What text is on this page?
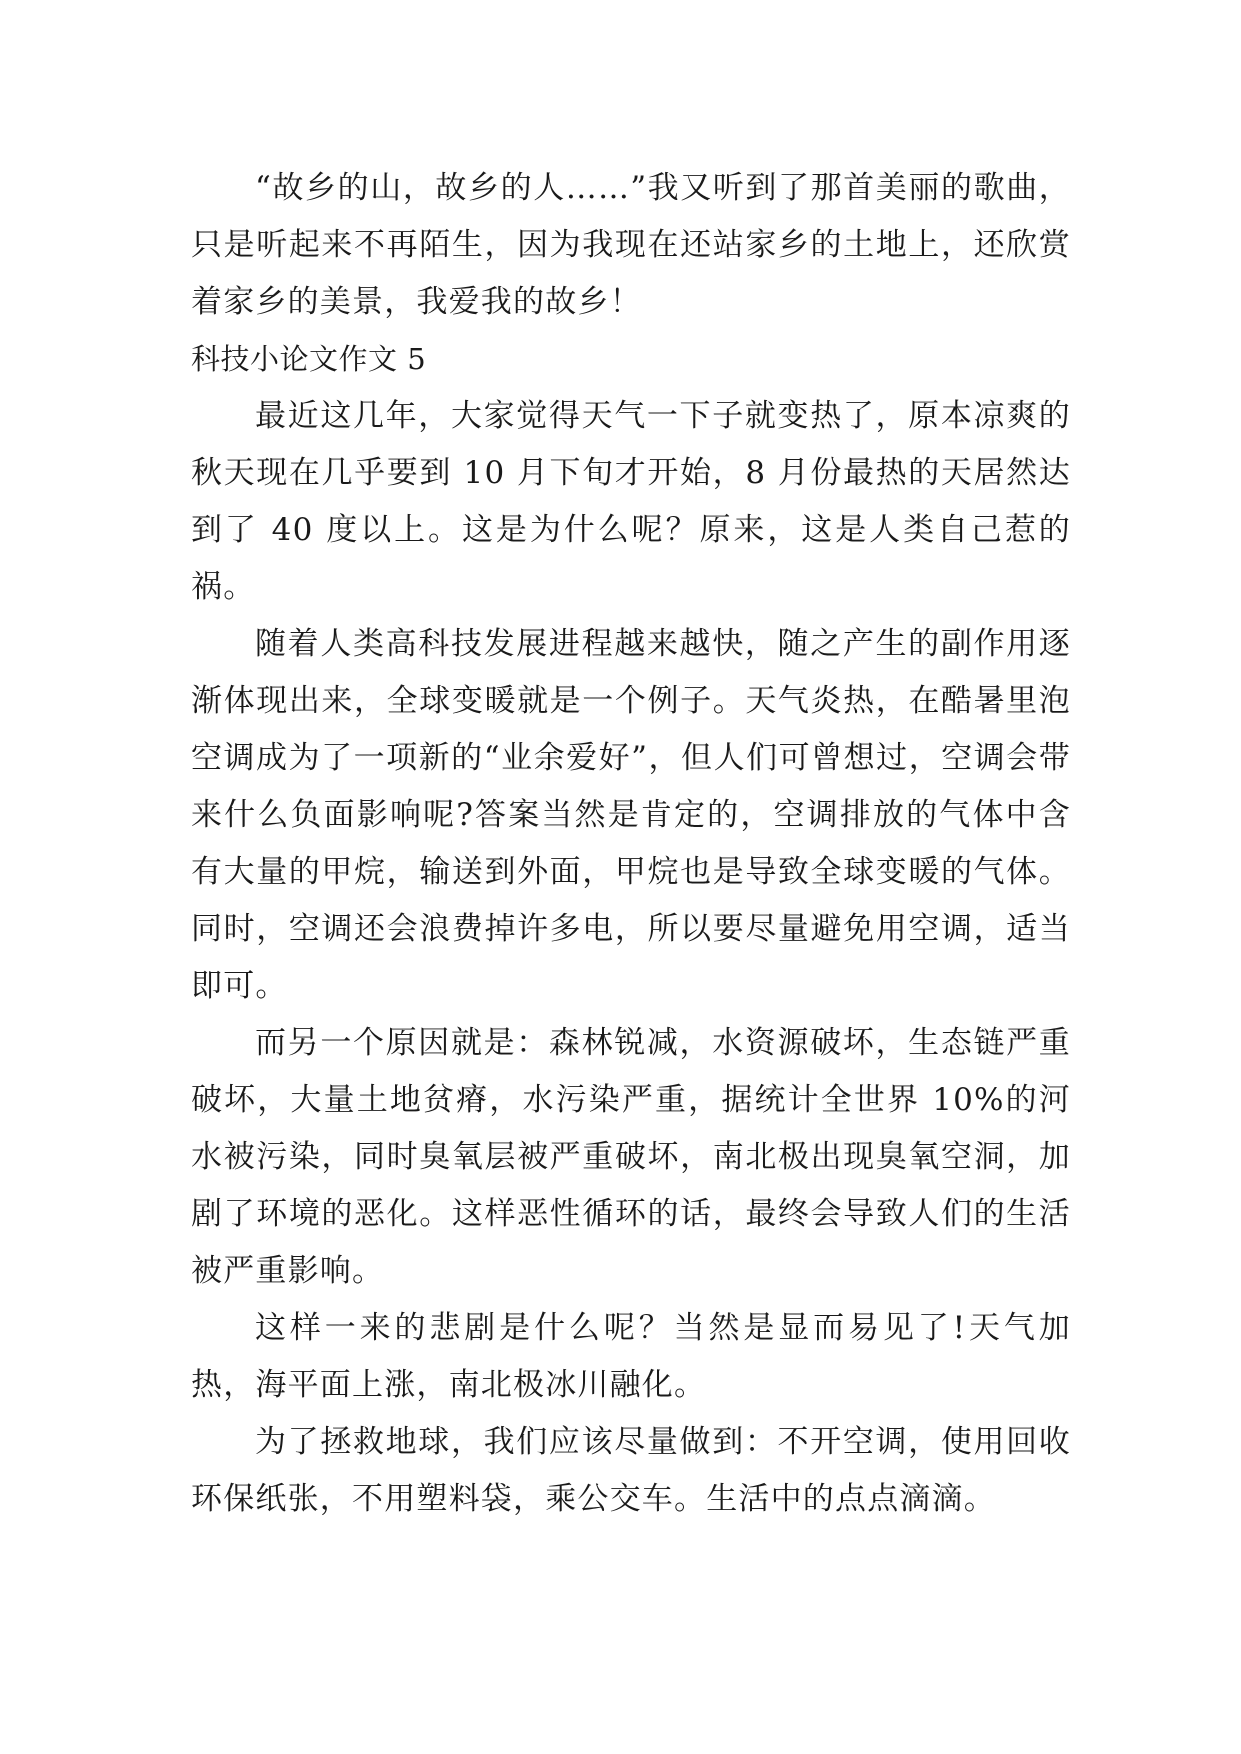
“故乡的山，故乡的人……”我又听到了那首美丽的歌曲，只是听起来不再陌生，因为我现在还站家乡的土地上，还欣赏着家乡的美景，我爱我的故乡！

科技小论文作文 5

最近这几年，大家觉得天气一下子就变热了，原本凉爽的秋天现在几乎要到 10 月下旬才开始，8 月份最热的天居然达到了 40 度以上。这是为什么呢？原来，这是人类自己惹的祸。

随着人类高科技发展进程越来越快，随之产生的副作用逐渐体现出来，全球变暖就是一个例子。天气炎热，在酷暑里泡空调成为了一项新的“业余爱好”，但人们可曾想过，空调会带来什么负面影响呢?答案当然是肯定的，空调排放的气体中含有大量的甲烷，输送到外面，甲烷也是导致全球变暖的气体。同时，空调还会浪费掉许多电，所以要尽量避免用空调，适当即可。

而另一个原因就是：森林锐减，水资源破坏，生态链严重破坏，大量土地贫瘠，水污染严重，据统计全世界 10%的河水被污染，同时臭氧层被严重破坏，南北极出现臭氧空洞，加剧了环境的恶化。这样恶性循环的话，最终会导致人们的生活被严重影响。

这样一来的悲剧是什么呢？当然是显而易见了!天气加热，海平面上涨，南北极冰川融化。

为了拯救地球，我们应该尽量做到：不开空调，使用回收环保纸张，不用塑料袋，乘公交车。生活中的点点滴滴。
